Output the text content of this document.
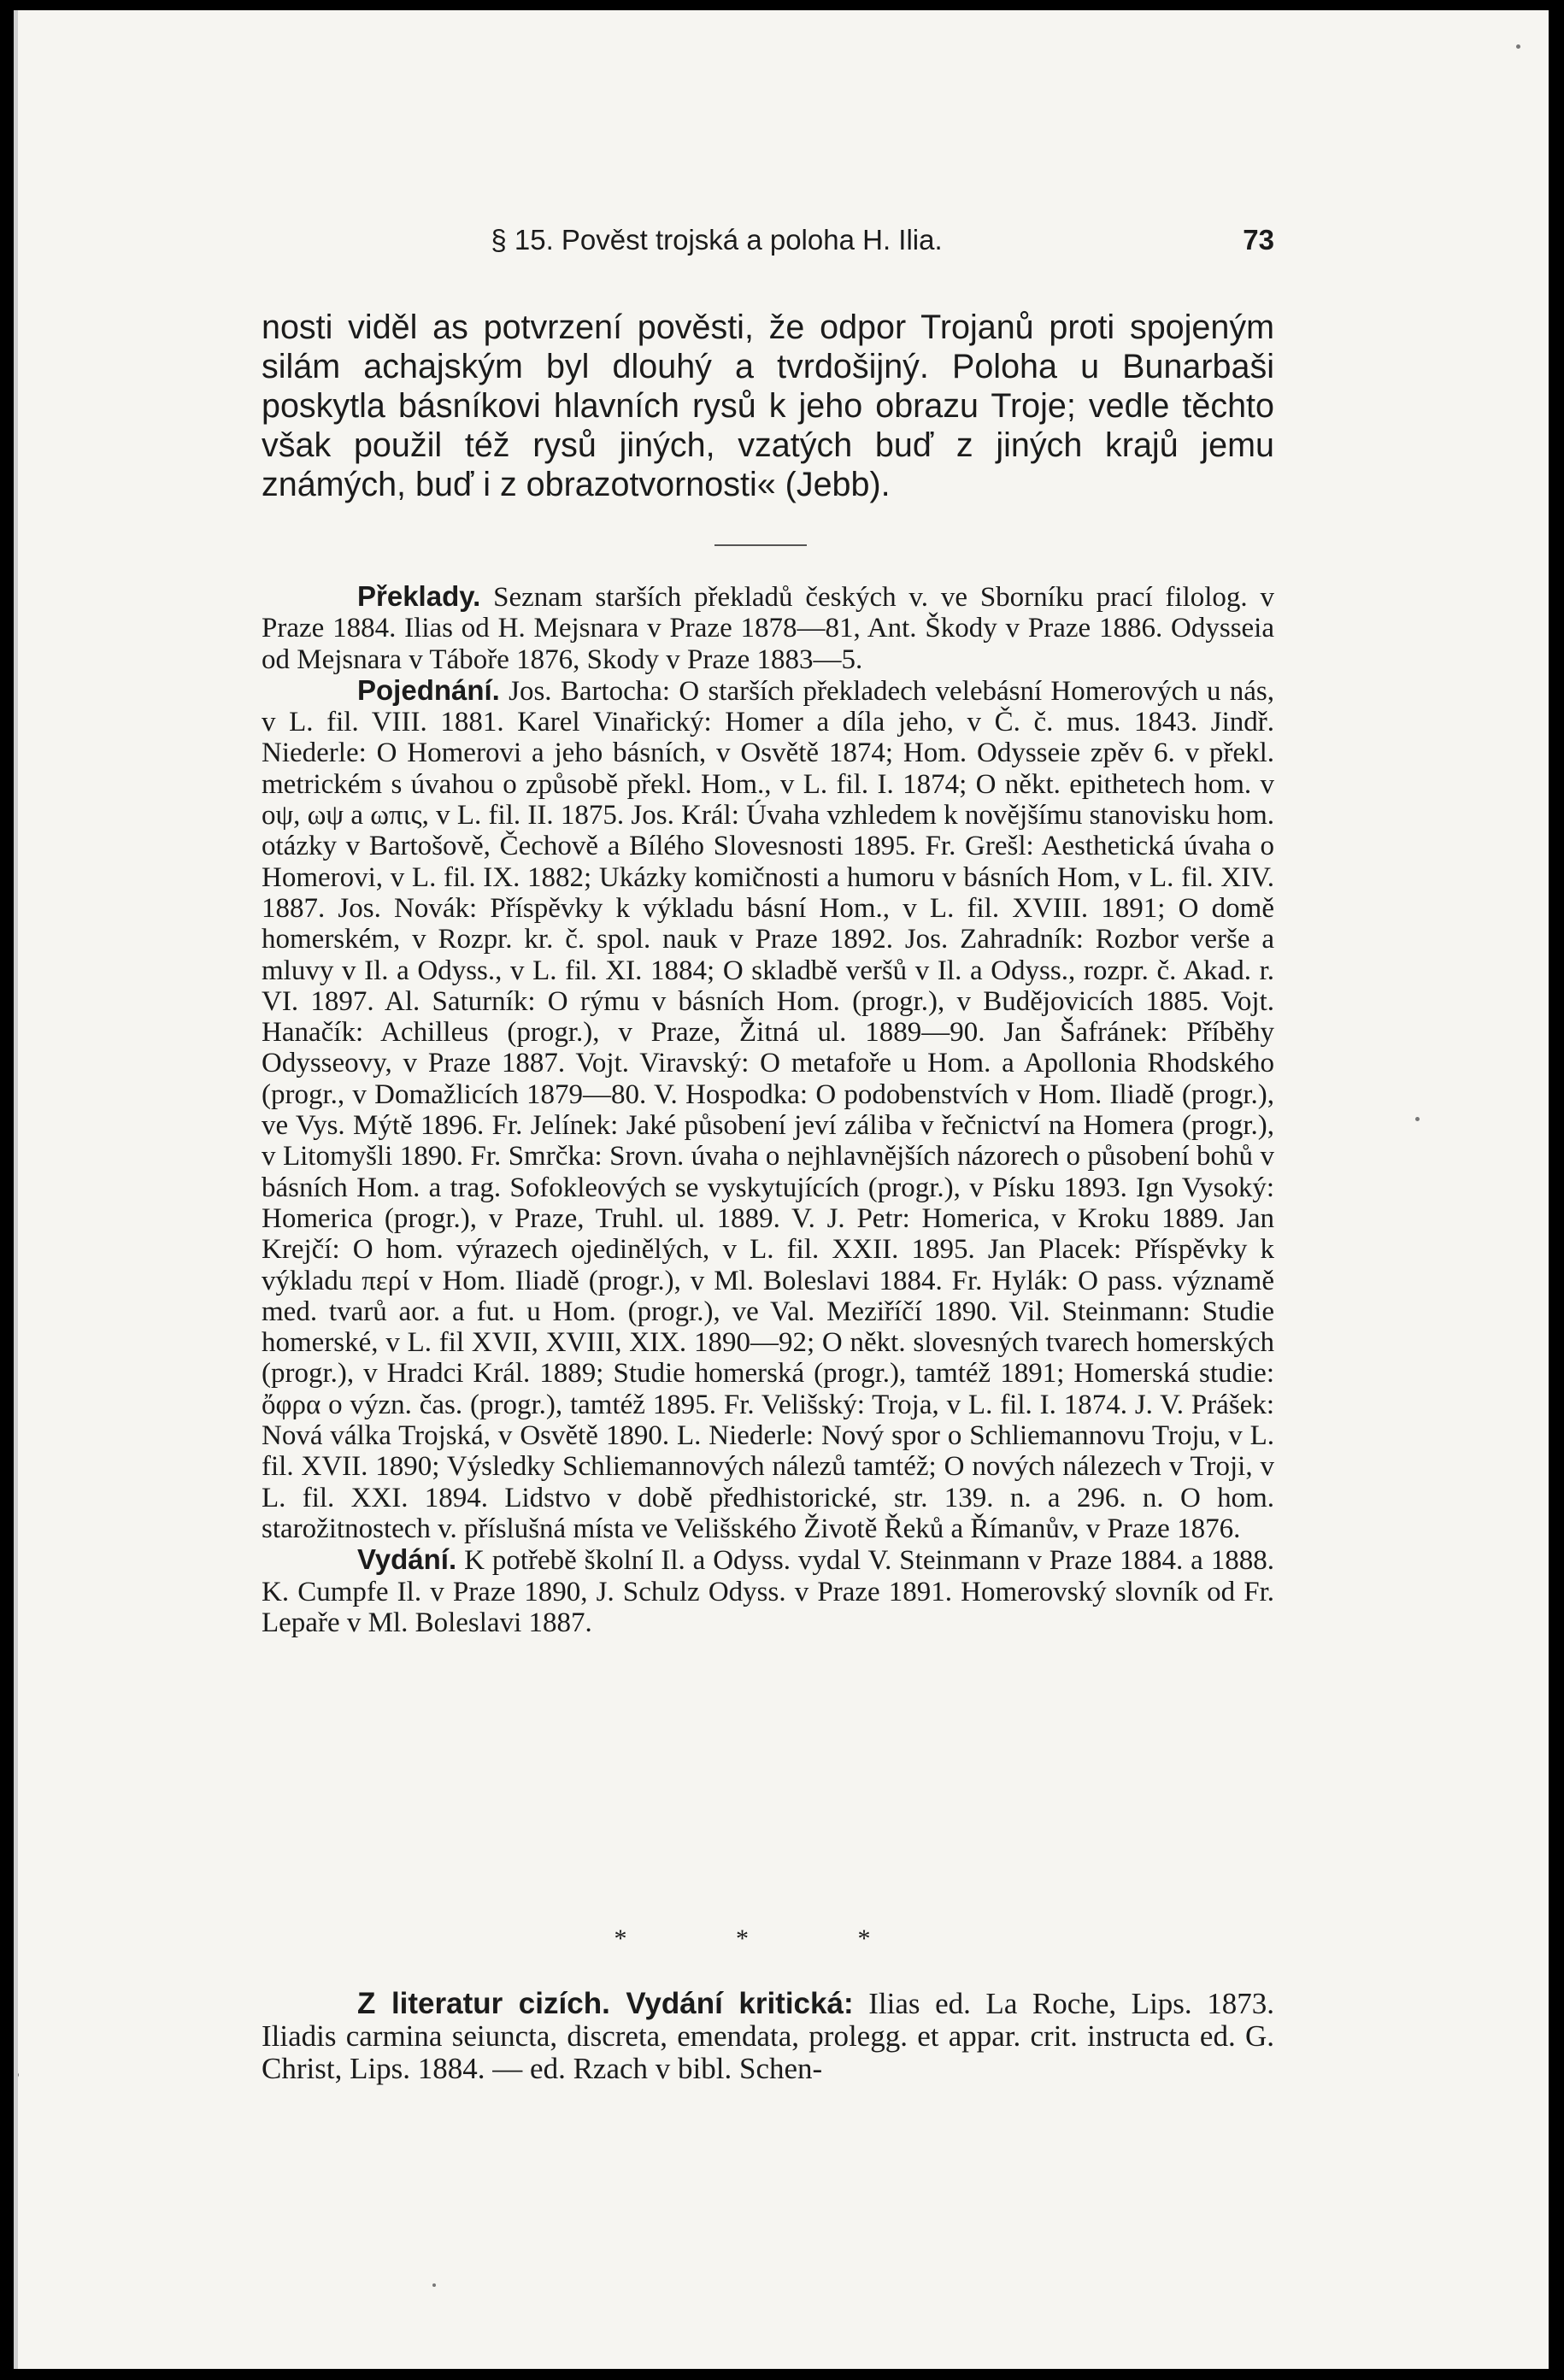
§ 15. Pověst trojská a poloha H. Ilia.	73
nosti viděl as potvrzení pověsti, že odpor Trojanů proti spojeným silám achajským byl dlouhý a tvrdošijný. Poloha u Bunarbaši poskytla básníkovi hlavních rysů k jeho obrazu Troje; vedle těchto však použil též rysů jiných, vzatých buď z jiných krajů jemu známých, buď i z obrazotvornosti« (Jebb).

Překlady. Seznam starších překladů českých v. ve Sborníku prací filolog. v Praze 1884. Ilias od H. Mejsnara v Praze 1878—81, Ant. Škody v Praze 1886. Odysseia od Mejsnara v Táboře 1876, Skody v Praze 1883—5.

Pojednání. Jos. Bartocha: O starších překladech velebásní Homerových u nás, v L. fil. VIII. 1881. Karel Vinařický: Homer a díla jeho, v Č. č. mus. 1843. Jindř. Niederle: O Homerovi a jeho básních, v Osvětě 1874; Hom. Odysseie zpěv 6. v překl. metrickém s úvahou o způsobě překl. Hom., v L. fil. I. 1874; O někt. epithetech hom. v οψ, ωψ a ωπις, v L. fil. II. 1875. Jos. Král: Úvaha vzhledem k novějšímu stanovisku hom. otázky v Bartošově, Čechově a Bílého Slovesnosti 1895. Fr. Grešl: Aesthetická úvaha o Homerovi, v L. fil. IX. 1882; Ukázky komičnosti a humoru v básních Hom, v L. fil. XIV. 1887. Jos. Novák: Příspěvky k výkladu básní Hom., v L. fil. XVIII. 1891; O domě homerském, v Rozpr. kr. č. spol. nauk v Praze 1892. Jos. Zahradník: Rozbor verše a mluvy v Il. a Odyss., v L. fil. XI. 1884; O skladbě veršů v Il. a Odyss., rozpr. č. Akad. r. VI. 1897. Al. Saturník: O rýmu v básních Hom. (progr.), v Budějovicích 1885. Vojt. Hanačík: Achilleus (progr.), v Praze, Žitná ul. 1889—90. Jan Šafránek: Příběhy Odysseovy, v Praze 1887. Vojt. Viravský: O metafoře u Hom. a Apollonia Rhodského (progr., v Domažlicích 1879—80. V. Hospodka: O podobenstvích v Hom. Iliadě (progr.), ve Vys. Mýtě 1896. Fr. Jelínek: Jaké působení jeví záliba v řečnictví na Homera (progr.), v Litomyšli 1890. Fr. Smrčka: Srovn. úvaha o nejhlavnějších názorech o působení bohů v básních Hom. a trag. Sofokleových se vyskytujících (progr.), v Písku 1893. Ign Vysoký: Homerica (progr.), v Praze, Truhl. ul. 1889. V. J. Petr: Homerica, v Kroku 1889. Jan Krejčí: O hom. výrazech ojedinělých, v L. fil. XXII. 1895. Jan Placek: Příspěvky k výkladu περί v Hom. Iliadě (progr.), v Ml. Boleslavi 1884. Fr. Hylák: O pass. významě med. tvarů aor. a fut. u Hom. (progr.), ve Val. Meziříčí 1890. Vil. Steinmann: Studie homerské, v L. fil XVII, XVIII, XIX. 1890—92; O někt. slovesných tvarech homerských (progr.), v Hradci Král. 1889; Studie homerská (progr.), tamtéž 1891; Homerská studie: ὄφρα o význ. čas. (progr.), tamtéž 1895. Fr. Velišský: Troja, v L. fil. I. 1874. J. V. Prášek: Nová válka Trojská, v Osvětě 1890. L. Niederle: Nový spor o Schliemannovu Troju, v L. fil. XVII. 1890; Výsledky Schliemannových nálezů tamtéž; O nových nálezech v Troji, v L. fil. XXI. 1894. Lidstvo v době předhistorické, str. 139. n. a 296. n. O hom. starožitnostech v. příslušná místa ve Velišského Životě Řeků a Římanův, v Praze 1876.

Vydání. K potřebě školní Il. a Odyss. vydal V. Steinmann v Praze 1884. a 1888. K. Cumpfe Il. v Praze 1890, J. Schulz Odyss. v Praze 1891. Homerovský slovník od Fr. Lepaře v Ml. Boleslavi 1887.

* * *

Z literatur cizích. Vydání kritická: Ilias ed. La Roche, Lips. 1873. Iliadis carmina seiuncta, discreta, emendata, prolegg. et appar. crit. instructa ed. G. Christ, Lips. 1884. — ed. Rzach v bibl. Schen-
